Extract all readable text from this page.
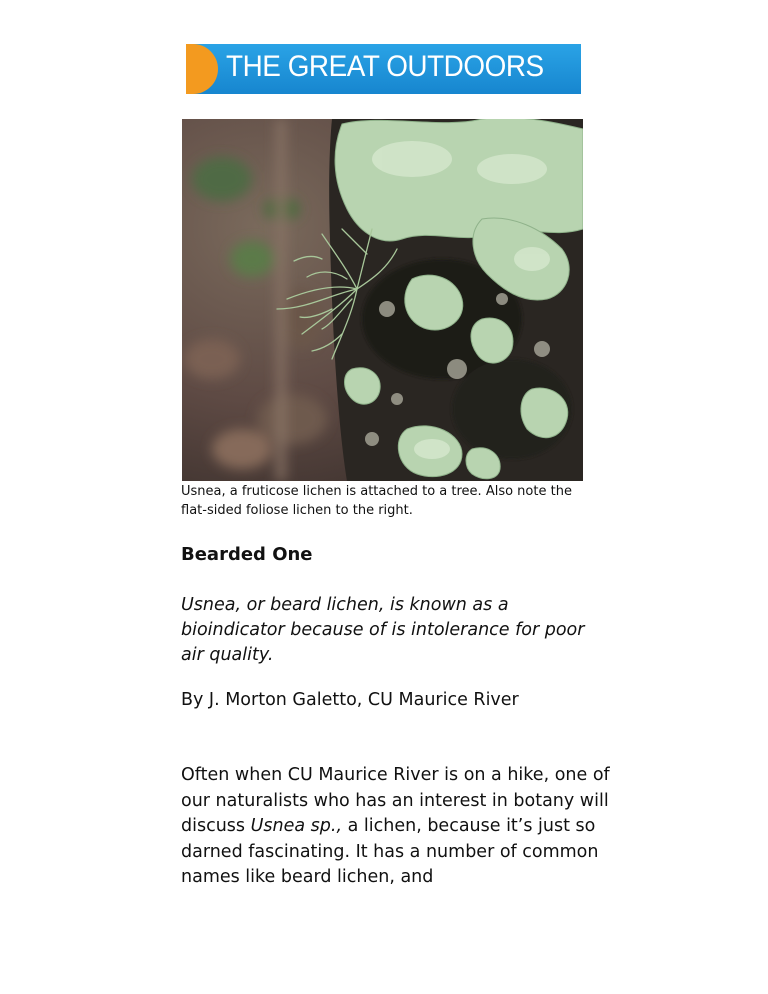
THE GREAT OUTDOORS
Usnea, a fruticose lichen is attached to a tree. Also note the flat-sided foliose lichen to the right.
Bearded One
Usnea, or beard lichen, is known as a bioindicator because of is intolerance for poor air quality.
By J. Morton Galetto, CU Maurice River
Often when CU Maurice River is on a hike, one of our naturalists who has an interest in botany will discuss Usnea sp., a lichen, because it’s just so darned fascinating. It has a number of common names like beard lichen, and
